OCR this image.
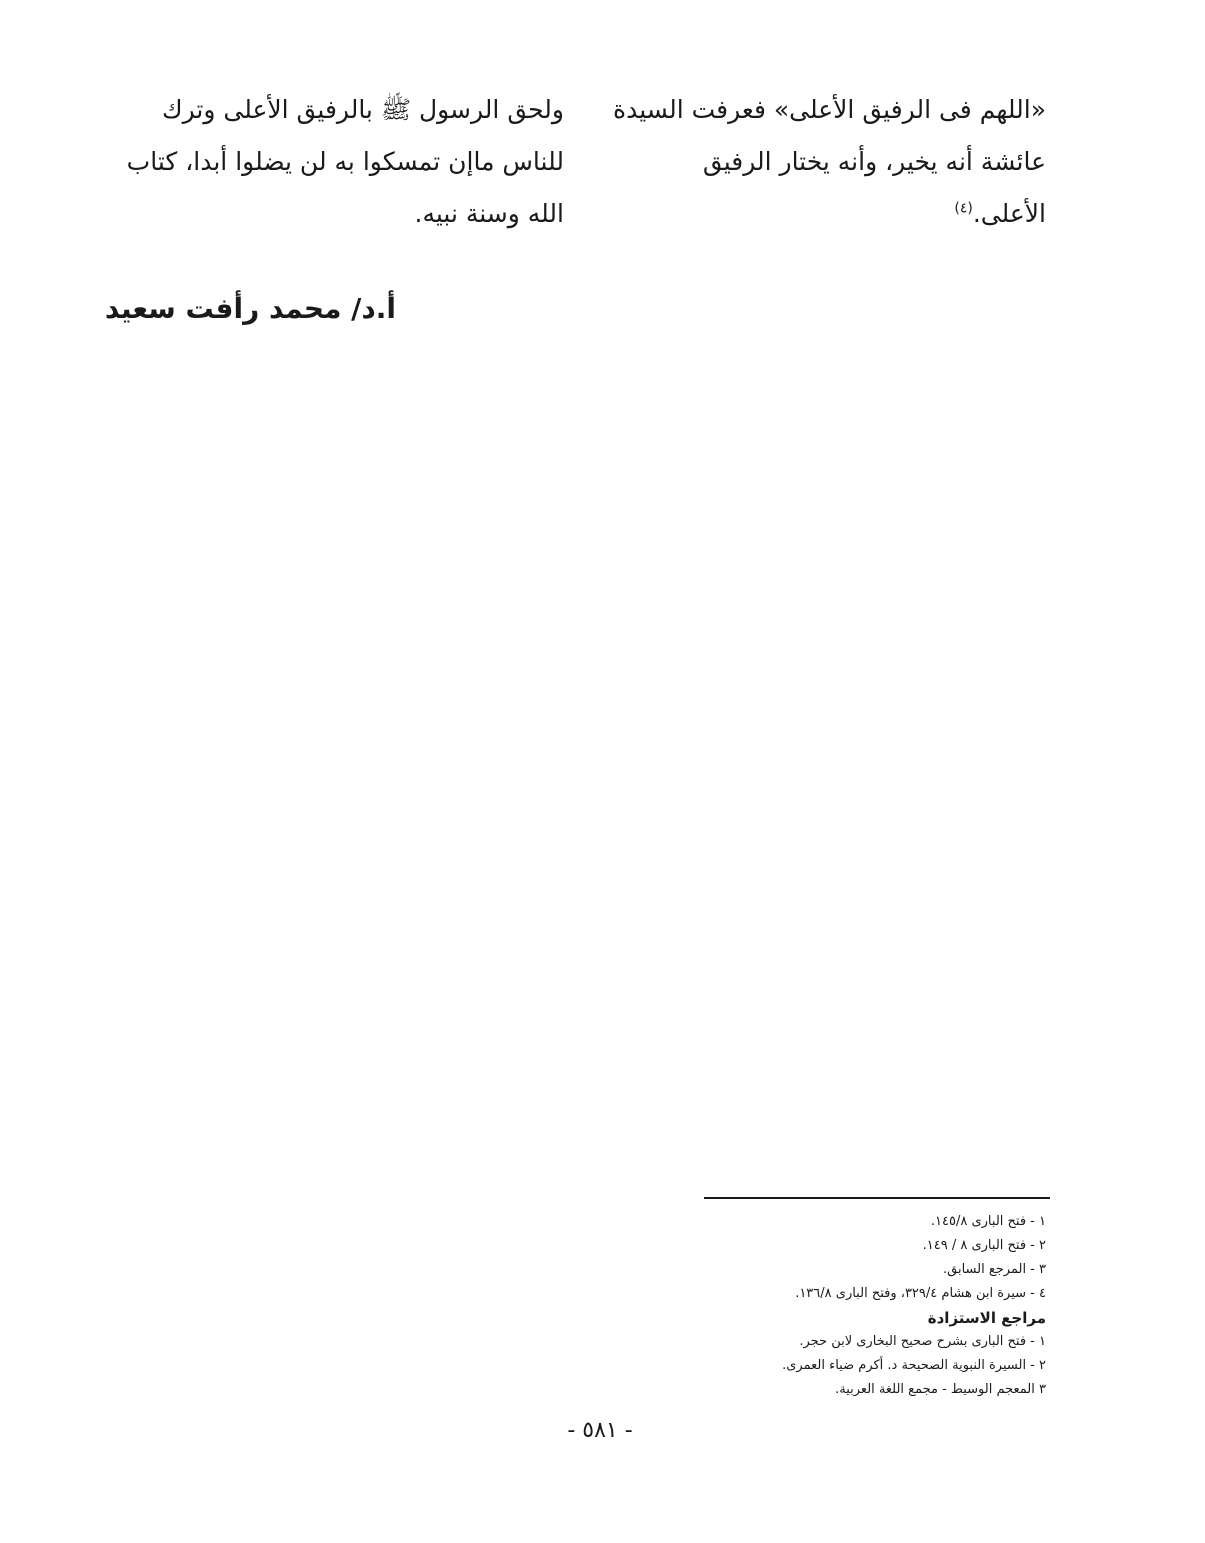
«اللهم فى الرفيق الأعلى» فعرفت السيدة
عائشة أنه يخير، وأنه يختار الرفيق
الأعلى.$^{(٤)}$
ولحق الرسول ﷺ بالرفيق الأعلى وترك
للناس ماإن تمسكوا به لن يضلوا أبدا، كتاب
الله وسنة نبيه.
أ.د/ محمد رأفت سعيد
١ - فتح البارى ١٤٥/٨.
٢ - فتح البارى ٨ / ١٤٩.
٣ - المرجع السابق.
٤ - سيرة ابن هشام ٣٢٩/٤، وفتح البارى ١٣٦/٨.
مراجع الاستزادة
١ - فتح البارى بشرح صحيح البخارى لابن حجر.
٢ - السيرة النبوية الصحيحة د. أكرم ضياء العمرى.
٣ المعجم الوسيط - مجمع اللغة العربية.
- ٥٨١ -
